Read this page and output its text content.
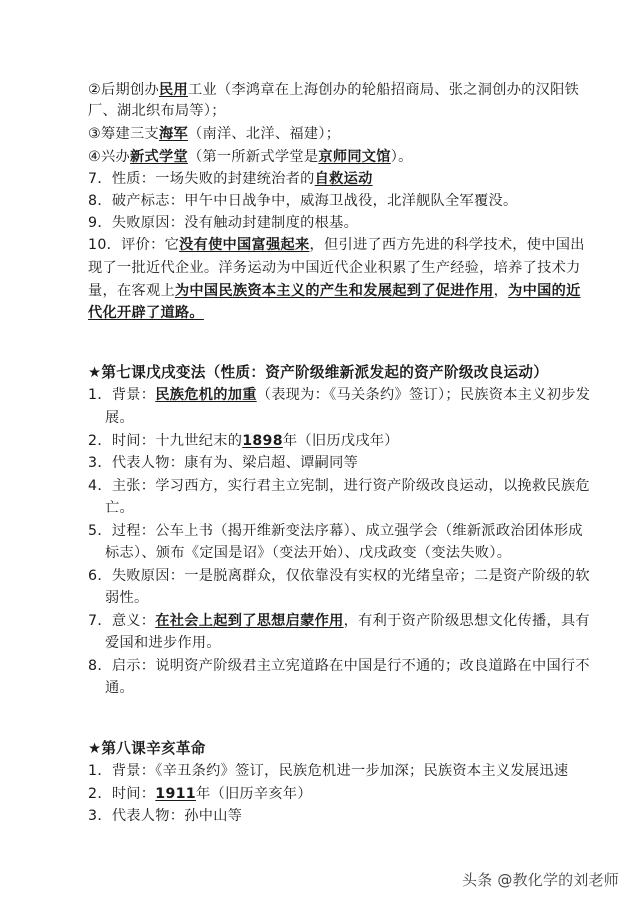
②后期创办民用工业（李鸿章在上海创办的轮船招商局、张之洞创办的汉阳铁
厂、湖北织布局等）；
③筹建三支海军（南洋、北洋、福建）；
④兴办新式学堂（第一所新式学堂是京师同文馆）。
7．性质：一场失败的封建统治者的自救运动
8．破产标志：甲午中日战争中，威海卫战役，北洋舰队全军覆没。
9．失败原因：没有触动封建制度的根基。
10．评价：它没有使中国富强起来，但引进了西方先进的科学技术，使中国出
现了一批近代企业。洋务运动为中国近代企业积累了生产经验，培养了技术力
量，在客观上为中国民族资本主义的产生和发展起到了促进作用，为中国的近
代化开辟了道路。
★第七课戊戌变法（性质：资产阶级维新派发起的资产阶级改良运动）
1．背景：民族危机的加重（表现为：《马关条约》签订）；民族资本主义初步发
展。
2．时间：十九世纪末的1898年（旧历戊戌年）
3．代表人物：康有为、梁启超、谭嗣同等
4．主张：学习西方，实行君主立宪制，进行资产阶级改良运动，以挽救民族危
亡。
5．过程：公车上书（揭开维新变法序幕）、成立强学会（维新派政治团体形成
标志）、颁布《定国是诏》（变法开始）、戊戌政变（变法失败）。
6．失败原因：一是脱离群众，仅依靠没有实权的光绪皇帝；二是资产阶级的软
弱性。
7．意义：在社会上起到了思想启蒙作用，有利于资产阶级思想文化传播，具有
爱国和进步作用。
8．启示：说明资产阶级君主立宪道路在中国是行不通的；改良道路在中国行不
通。
★第八课辛亥革命
1．背景：《辛丑条约》签订，民族危机进一步加深；民族资本主义发展迅速
2．时间：1911年（旧历辛亥年）
3．代表人物：孙中山等
头条 @教化学的刘老师
